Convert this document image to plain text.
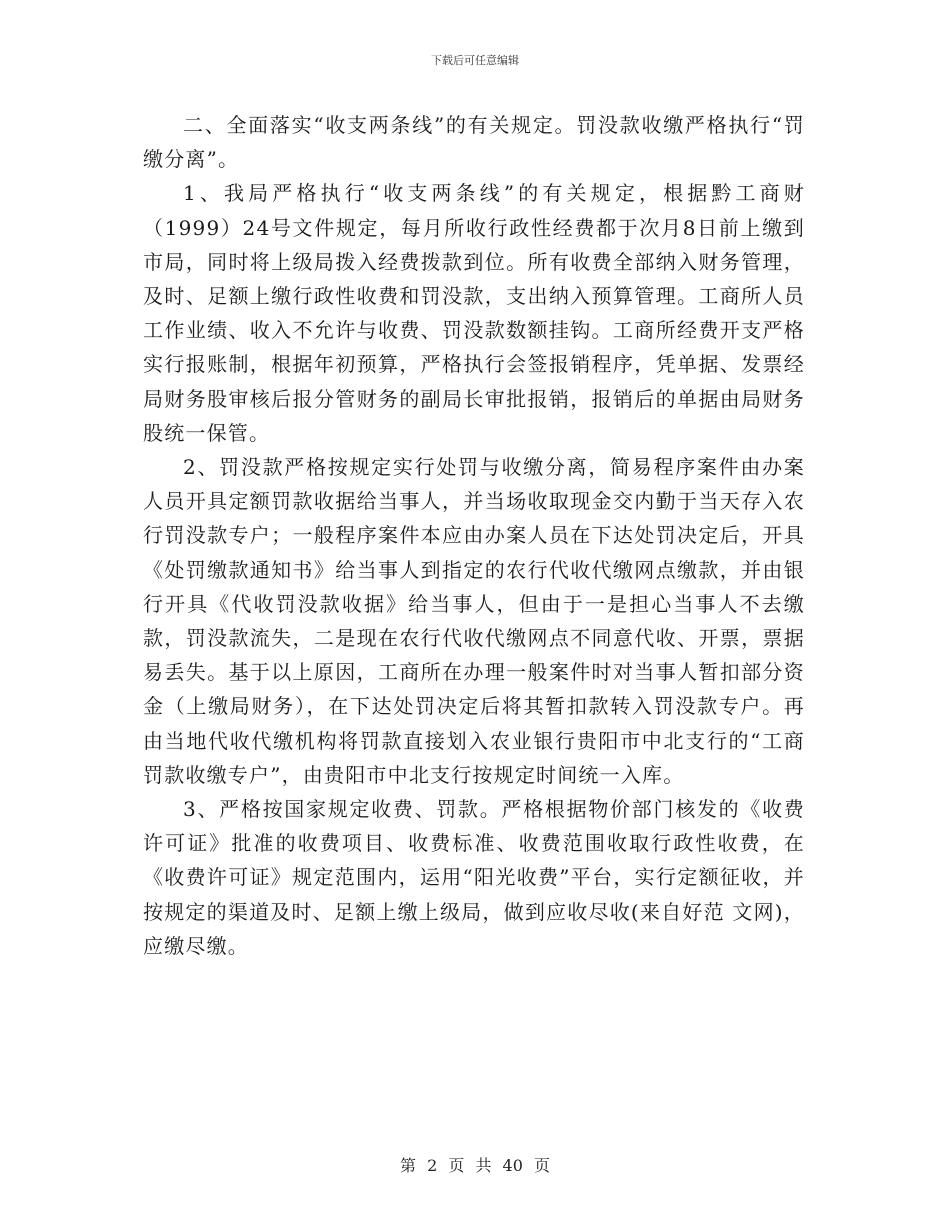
下载后可任意编辑

二、全面落实“收支两条线”的有关规定。罚没款收缴严格执行“罚缴分离”。

1、我局严格执行“收支两条线”的有关规定，根据黔工商财（1999）24号文件规定，每月所收行政性经费都于次月8日前上缴到市局，同时将上级局拨入经费拨款到位。所有收费全部纳入财务管理，及时、足额上缴行政性收费和罚没款，支出纳入预算管理。工商所人员工作业绩、收入不允许与收费、罚没款数额挂钩。工商所经费开支严格实行报账制，根据年初预算，严格执行会签报销程序，凭单据、发票经局财务股审核后报分管财务的副局长审批报销，报销后的单据由局财务股统一保管。

2、罚没款严格按规定实行处罚与收缴分离，简易程序案件由办案人员开具定额罚款收据给当事人，并当场收取现金交内勤于当天存入农行罚没款专户；一般程序案件本应由办案人员在下达处罚决定后，开具《处罚缴款通知书》给当事人到指定的农行代收代缴网点缴款，并由银行开具《代收罚没款收据》给当事人，但由于一是担心当事人不去缴款，罚没款流失，二是现在农行代收代缴网点不同意代收、开票，票据易丢失。基于以上原因，工商所在办理一般案件时对当事人暂扣部分资金（上缴局财务），在下达处罚决定后将其暂扣款转入罚没款专户。再由当地代收代缴机构将罚款直接划入农业银行贵阳市中北支行的“工商罚款收缴专户”，由贵阳市中北支行按规定时间统一入库。

3、严格按国家规定收费、罚款。严格根据物价部门核发的《收费许可证》批准的收费项目、收费标准、收费范围收取行政性收费，在《收费许可证》规定范围内，运用“阳光收费”平台，实行定额征收，并按规定的渠道及时、足额上缴上级局，做到应收尽收(来自好范 文网)，应缴尽缴。

第 2 页 共 40 页
